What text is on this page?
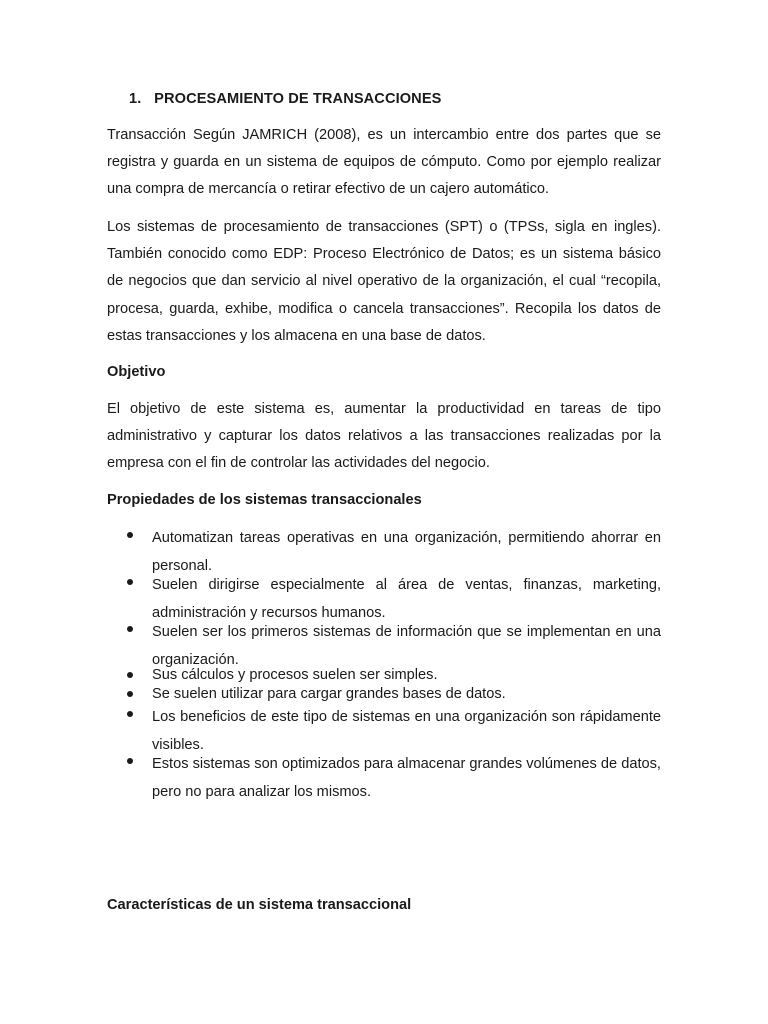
1. PROCESAMIENTO DE TRANSACCIONES

Transacción Según JAMRICH (2008), es un intercambio entre dos partes que se registra y guarda en un sistema de equipos de cómputo. Como por ejemplo realizar una compra de mercancía o retirar efectivo de un cajero automático.

Los sistemas de procesamiento de transacciones (SPT) o (TPSs, sigla en ingles). También conocido como EDP: Proceso Electrónico de Datos; es un sistema básico de negocios que dan servicio al nivel operativo de la organización, el cual “recopila, procesa, guarda, exhibe, modifica o cancela transacciones”. Recopila los datos de estas transacciones y los almacena en una base de datos.

Objetivo

El objetivo de este sistema es, aumentar la productividad en tareas de tipo administrativo y capturar los datos relativos a las transacciones realizadas por la empresa con el fin de controlar las actividades del negocio.

Propiedades de los sistemas transaccionales

Automatizan tareas operativas en una organización, permitiendo ahorrar en personal.
Suelen dirigirse especialmente al área de ventas, finanzas, marketing, administración y recursos humanos.
Suelen ser los primeros sistemas de información que se implementan en una organización.
Sus cálculos y procesos suelen ser simples.
Se suelen utilizar para cargar grandes bases de datos.
Los beneficios de este tipo de sistemas en una organización son rápidamente visibles.
Estos sistemas son optimizados para almacenar grandes volúmenes de datos, pero no para analizar los mismos.

Características de un sistema transaccional
